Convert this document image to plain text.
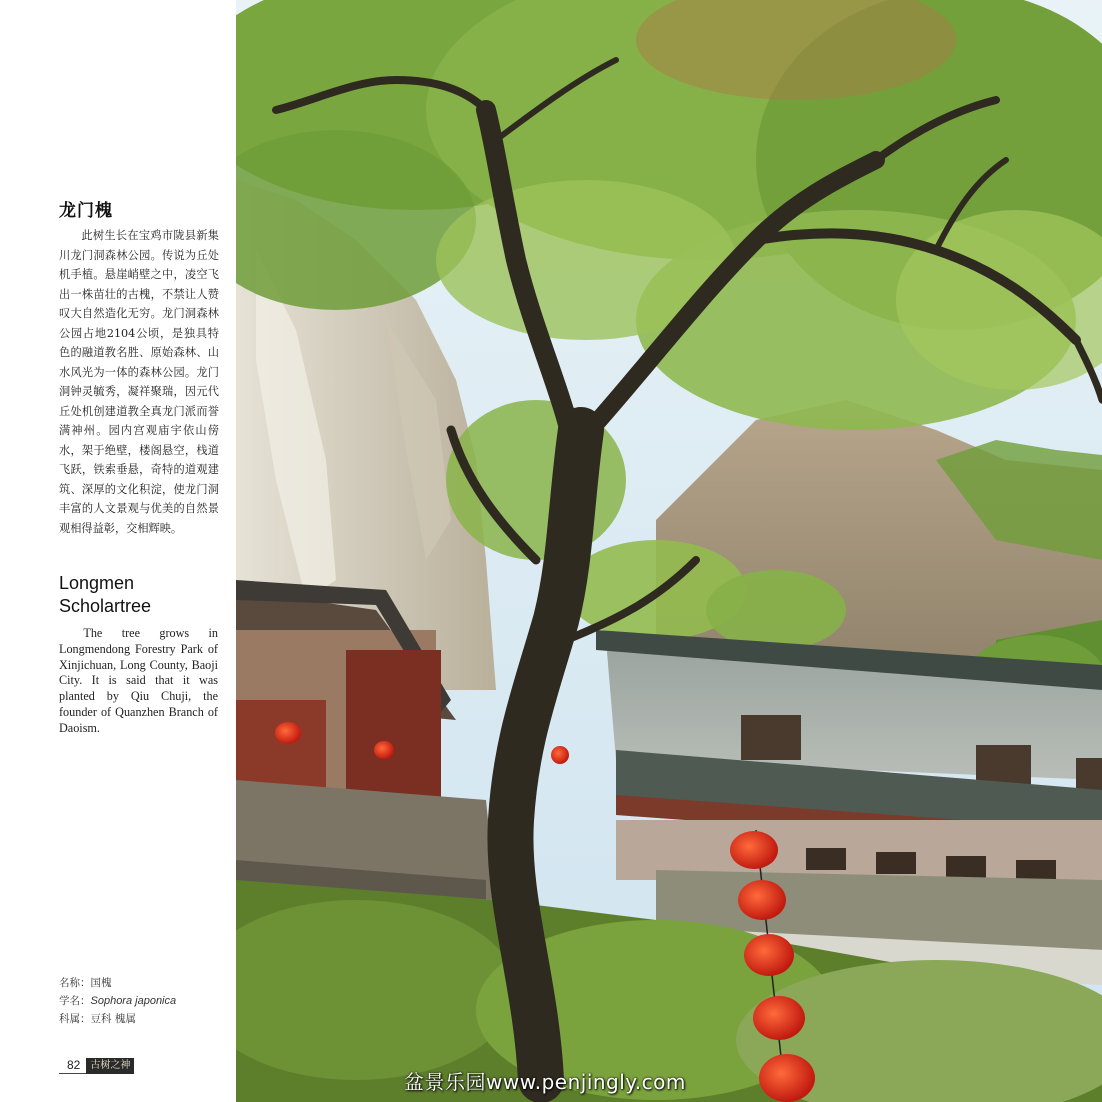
龙门槐
此树生长在宝鸡市陇县新集川龙门洞森林公园。传说为丘处机手植。悬崖峭壁之中，凌空飞出一株苗壮的古槐，不禁让人赞叹大自然造化无穷。龙门洞森林公园占地2104公顷，是独具特色的融道教名胜、原始森林、山水风光为一体的森林公园。龙门洞钟灵毓秀，凝祥聚瑞，因元代丘处机创建道教全真龙门派而誉满神州。园内宫观庙宇依山傍水，架于绝壁，楼阁悬空，栈道飞跃，铁索垂悬，奇特的道观建筑、深厚的文化积淀，使龙门洞丰富的人文景观与优美的自然景观相得益彰，交相辉映。
Longmen Scholartree
The tree grows in Longmendong Forestry Park of Xinjichuan, Long County, Baoji City. It is said that it was planted by Qiu Chuji, the founder of Quanzhen Branch of Daoism.
名称：国槐
学名：Sophora japonica
科属：豆科 槐属
82	古树之神
盆景乐园www.penjingly.com
